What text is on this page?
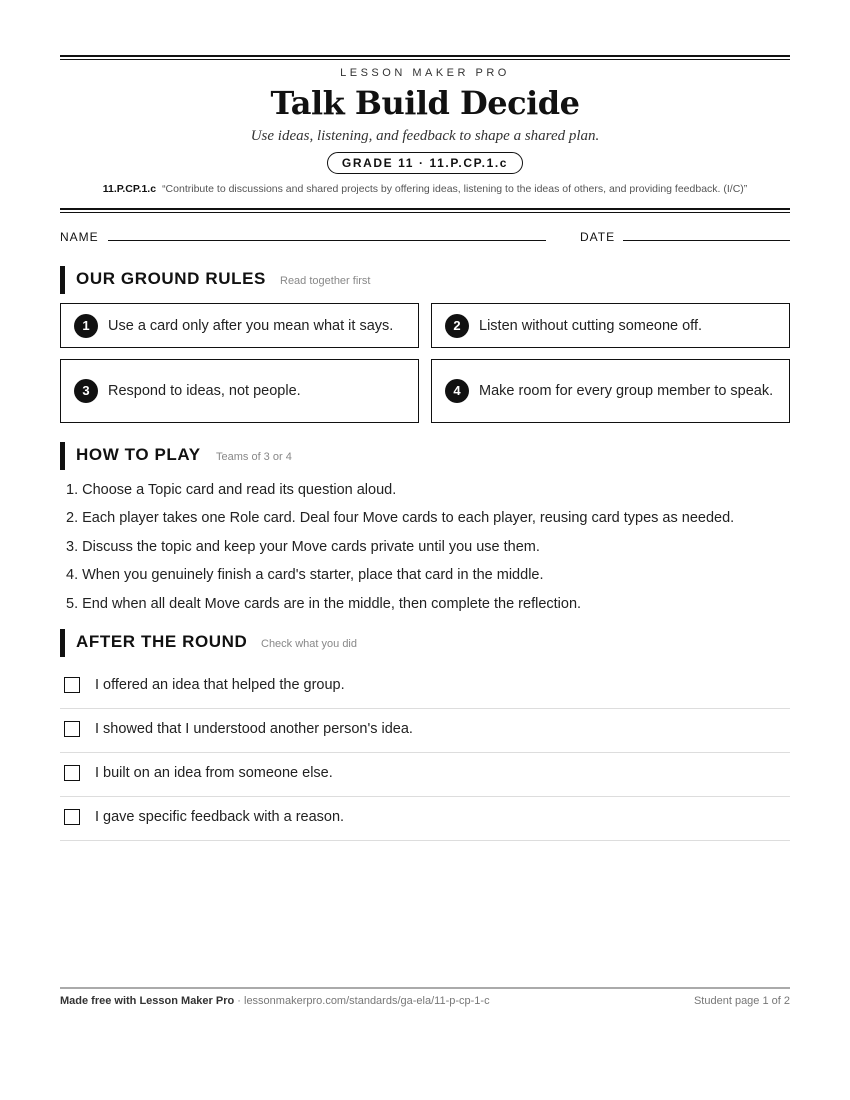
LESSON MAKER PRO
Talk Build Decide
Use ideas, listening, and feedback to shape a shared plan.
GRADE 11 · 11.P.CP.1.c
11.P.CP.1.c “Contribute to discussions and shared projects by offering ideas, listening to the ideas of others, and providing feedback. (I/C)”
NAME	DATE
OUR GROUND RULES Read together first
1	Use a card only after you mean what it says.	2	Listen without cutting someone off.
3	Respond to ideas, not people.	4	Make room for every group member to speak.
HOW TO PLAY Teams of 3 or 4
1. Choose a Topic card and read its question aloud.
2. Each player takes one Role card. Deal four Move cards to each player, reusing card types as needed.
3. Discuss the topic and keep your Move cards private until you use them.
4. When you genuinely finish a card's starter, place that card in the middle.
5. End when all dealt Move cards are in the middle, then complete the reflection.
AFTER THE ROUND Check what you did
I offered an idea that helped the group.
I showed that I understood another person's idea.
I built on an idea from someone else.
I gave specific feedback with a reason.
Made free with Lesson Maker Pro · lessonmakerpro.com/standards/ga-ela/11-p-cp-1-c	Student page 1 of 2
